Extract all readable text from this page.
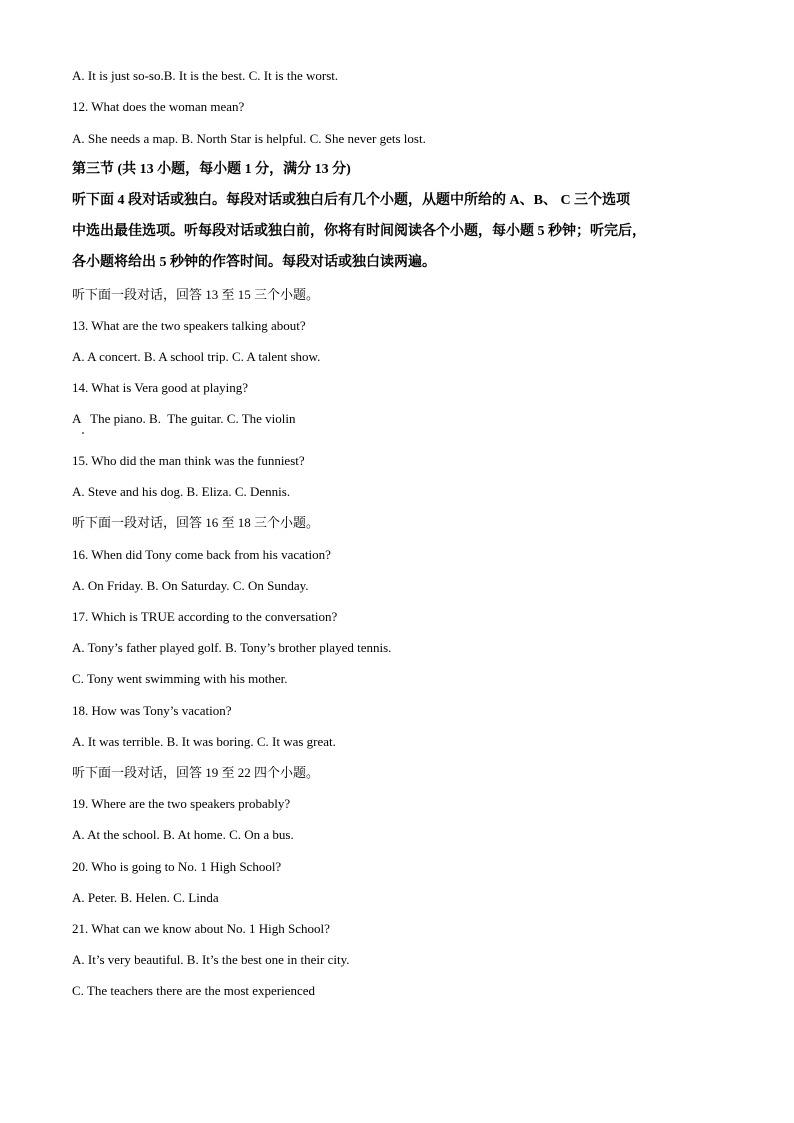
A. It is just so-so.B. It is the best. C. It is the worst.
12. What does the woman mean?
A. She needs a map. B. North Star is helpful. C. She never gets lost.
第三节 (共 13 小题，每小题 1 分，满分 13 分)
听下面 4 段对话或独白。每段对话或独白后有几个小题，从题中所给的 A、B、 C 三个选项
中选出最佳选项。听每段对话或独白前，你将有时间阅读各个小题，每小题 5 秒钟；听完后，
各小题将给出 5 秒钟的作答时间。每段对话或独白读两遍。
听下面一段对话，回答 13 至 15 三个小题。
13. What are the two speakers talking about?
A. A concert. B. A school trip. C. A talent show.
14. What is Vera good at playing?
A   The piano. B.  The guitar. C. The violin
15. Who did the man think was the funniest?
A. Steve and his dog. B. Eliza. C. Dennis.
听下面一段对话，回答 16 至 18 三个小题。
16. When did Tony come back from his vacation?
A. On Friday. B. On Saturday. C. On Sunday.
17. Which is TRUE according to the conversation?
A. Tony’s father played golf. B. Tony’s brother played tennis.
C. Tony went swimming with his mother.
18. How was Tony’s vacation?
A. It was terrible. B. It was boring. C. It was great.
听下面一段对话，回答 19 至 22 四个小题。
19. Where are the two speakers probably?
A. At the school. B. At home. C. On a bus.
20. Who is going to No. 1 High School?
A. Peter. B. Helen. C. Linda
21. What can we know about No. 1 High School?
A. It’s very beautiful. B. It’s the best one in their city.
C. The teachers there are the most experienced
